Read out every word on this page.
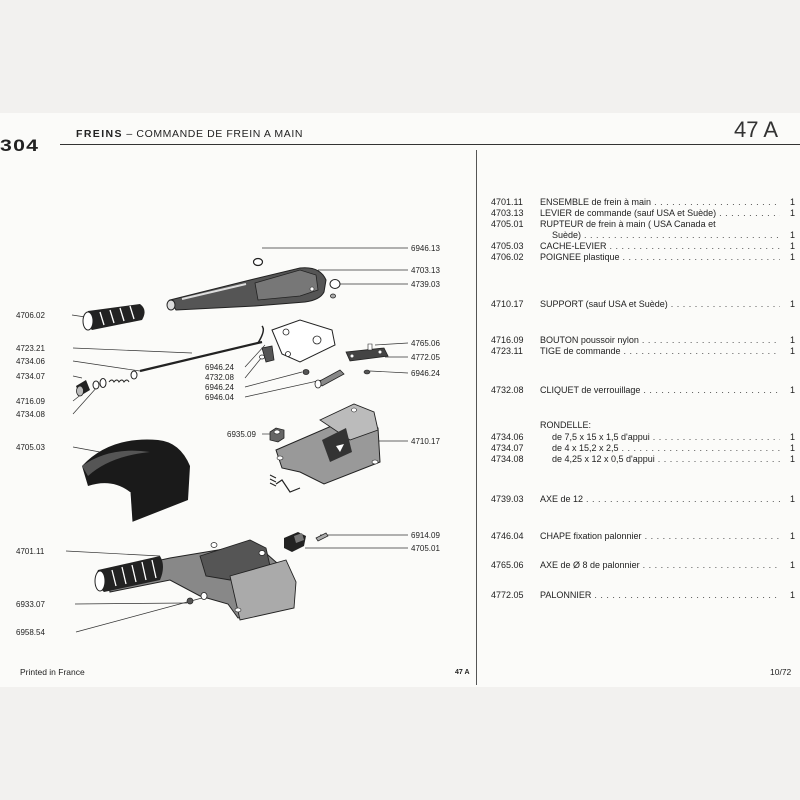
304
FREINS – COMMANDE DE FREIN A MAIN	47 A
6946.13
4703.13
4739.03
4706.02
4765.06
4772.05
6946.24
4723.21
4734.06
4734.07
4716.09
4734.08
6946.24
4732.08
6946.24
6946.04
6935.09
4710.17
4705.03
6914.09
4705.01
4701.11
6933.07
6958.54
4701.11 ENSEMBLE de frein à main . . .	1
4703.13 LEVIER de commande (sauf USA et Suède) . . .	1
4705.01 RUPTEUR de frein à main ( USA Canada et
Suède) . . .	1
4705.03 CACHE-LEVIER . . .	1
4706.02 POIGNEE plastique . . .	1
4710.17 SUPPORT (sauf USA et Suède) . . .	1
4716.09 BOUTON poussoir nylon . . .	1
4723.11 TIGE de commande . . .	1
4732.08 CLIQUET de verrouillage . . .	1
RONDELLE:
4734.06	de 7,5 x 15 x 1,5 d'appui . . .	1
4734.07	de 4 x 15,2 x 2,5 . . .	1
4734.08	de 4,25 x 12 x 0,5 d'appui . . .	1
4739.03 AXE de 12 . . .	1
4746.04 CHAPE fixation palonnier . . .	1
4765.06 AXE de Ø 8 de palonnier . . .	1
4772.05 PALONNIER . . .	1
Printed in France	47 A	10/72
